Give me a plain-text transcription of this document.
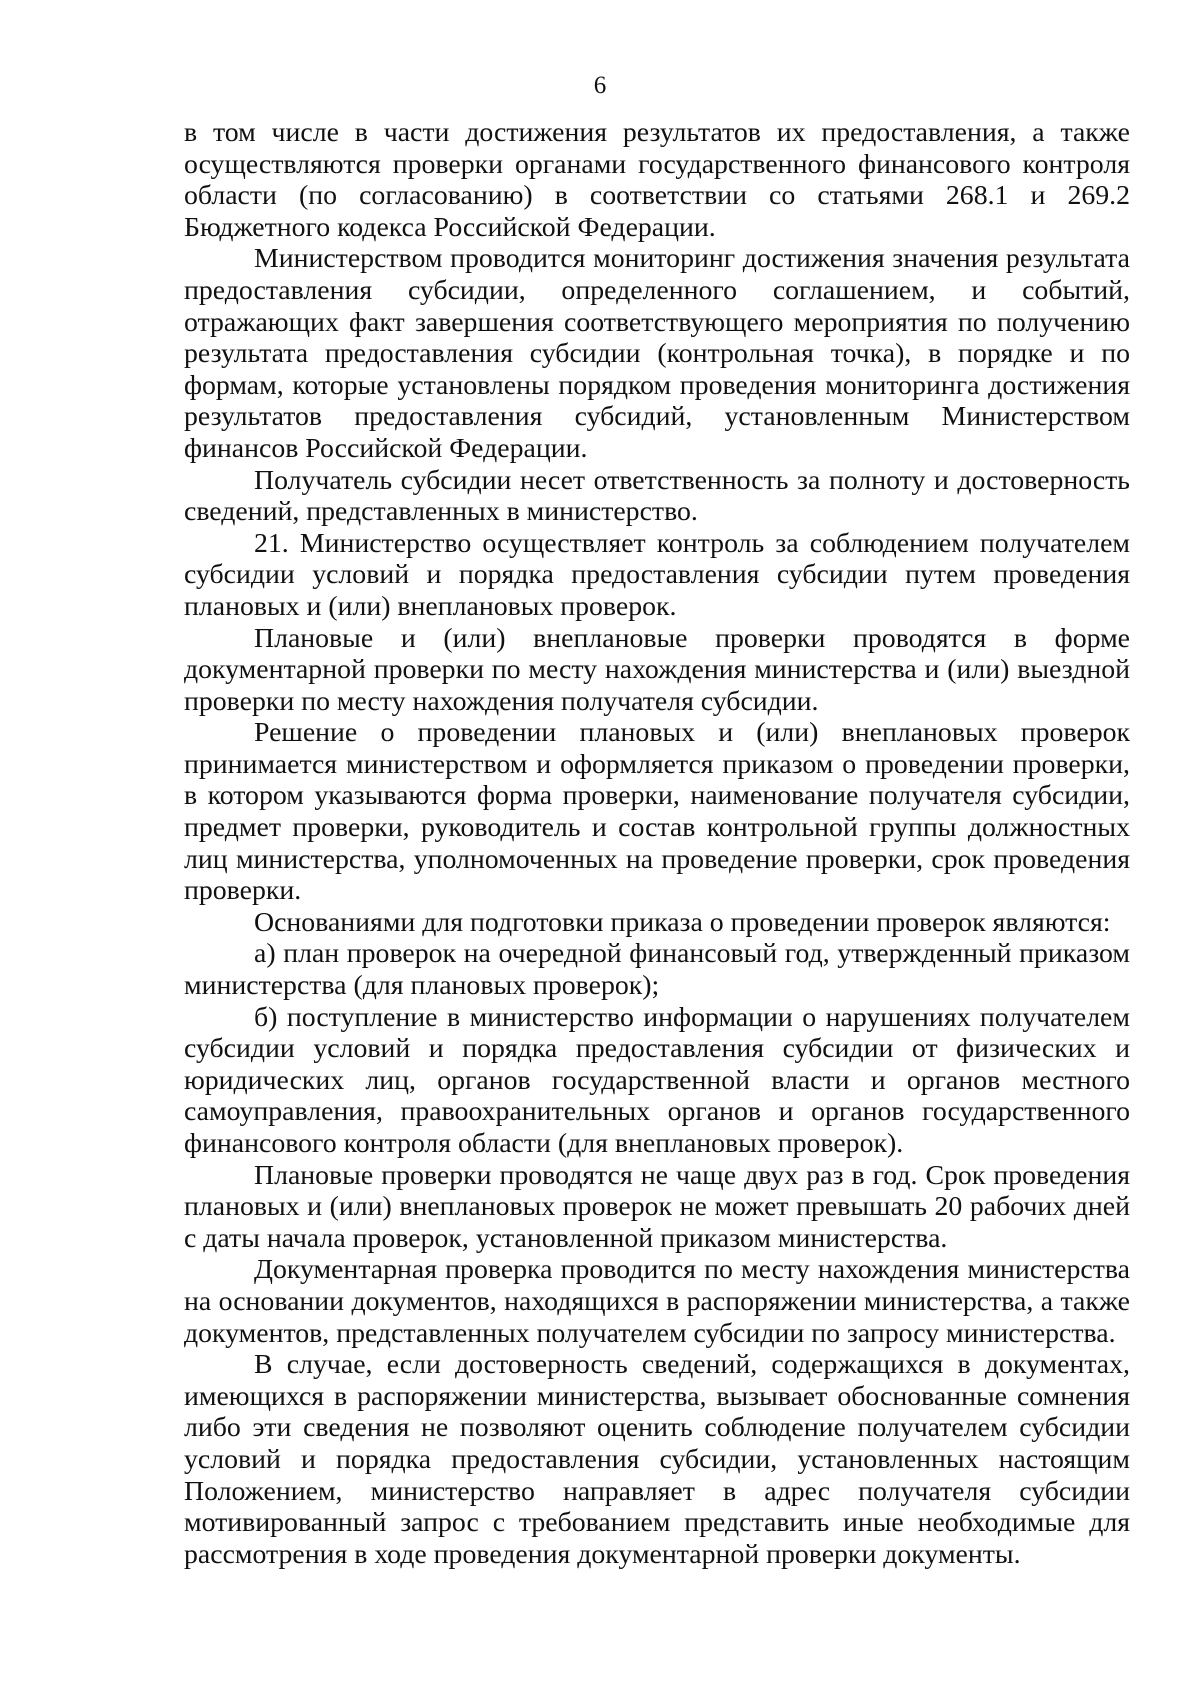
6

в том числе в части достижения результатов их предоставления, а также осуществляются проверки органами государственного финансового контроля области (по согласованию) в соответствии со статьями 268.1 и 269.2 Бюджетного кодекса Российской Федерации.

Министерством проводится мониторинг достижения значения результата предоставления субсидии, определенного соглашением, и событий, отражающих факт завершения соответствующего мероприятия по получению результата предоставления субсидии (контрольная точка), в порядке и по формам, которые установлены порядком проведения мониторинга достижения результатов предоставления субсидий, установленным Министерством финансов Российской Федерации.

Получатель субсидии несет ответственность за полноту и достоверность сведений, представленных в министерство.

21. Министерство осуществляет контроль за соблюдением получателем субсидии условий и порядка предоставления субсидии путем проведения плановых и (или) внеплановых проверок.

Плановые и (или) внеплановые проверки проводятся в форме документарной проверки по месту нахождения министерства и (или) выездной проверки по месту нахождения получателя субсидии.

Решение о проведении плановых и (или) внеплановых проверок принимается министерством и оформляется приказом о проведении проверки, в котором указываются форма проверки, наименование получателя субсидии, предмет проверки, руководитель и состав контрольной группы должностных лиц министерства, уполномоченных на проведение проверки, срок проведения проверки.

Основаниями для подготовки приказа о проведении проверок являются:

а) план проверок на очередной финансовый год, утвержденный приказом министерства (для плановых проверок);

б) поступление в министерство информации о нарушениях получателем субсидии условий и порядка предоставления субсидии от физических и юридических лиц, органов государственной власти и органов местного самоуправления, правоохранительных органов и органов государственного финансового контроля области (для внеплановых проверок).

Плановые проверки проводятся не чаще двух раз в год. Срок проведения плановых и (или) внеплановых проверок не может превышать 20 рабочих дней с даты начала проверок, установленной приказом министерства.

Документарная проверка проводится по месту нахождения министерства на основании документов, находящихся в распоряжении министерства, а также документов, представленных получателем субсидии по запросу министерства.

В случае, если достоверность сведений, содержащихся в документах, имеющихся в распоряжении министерства, вызывает обоснованные сомнения либо эти сведения не позволяют оценить соблюдение получателем субсидии условий и порядка предоставления субсидии, установленных настоящим Положением, министерство направляет в адрес получателя субсидии мотивированный запрос с требованием представить иные необходимые для рассмотрения в ходе проведения документарной проверки документы.
